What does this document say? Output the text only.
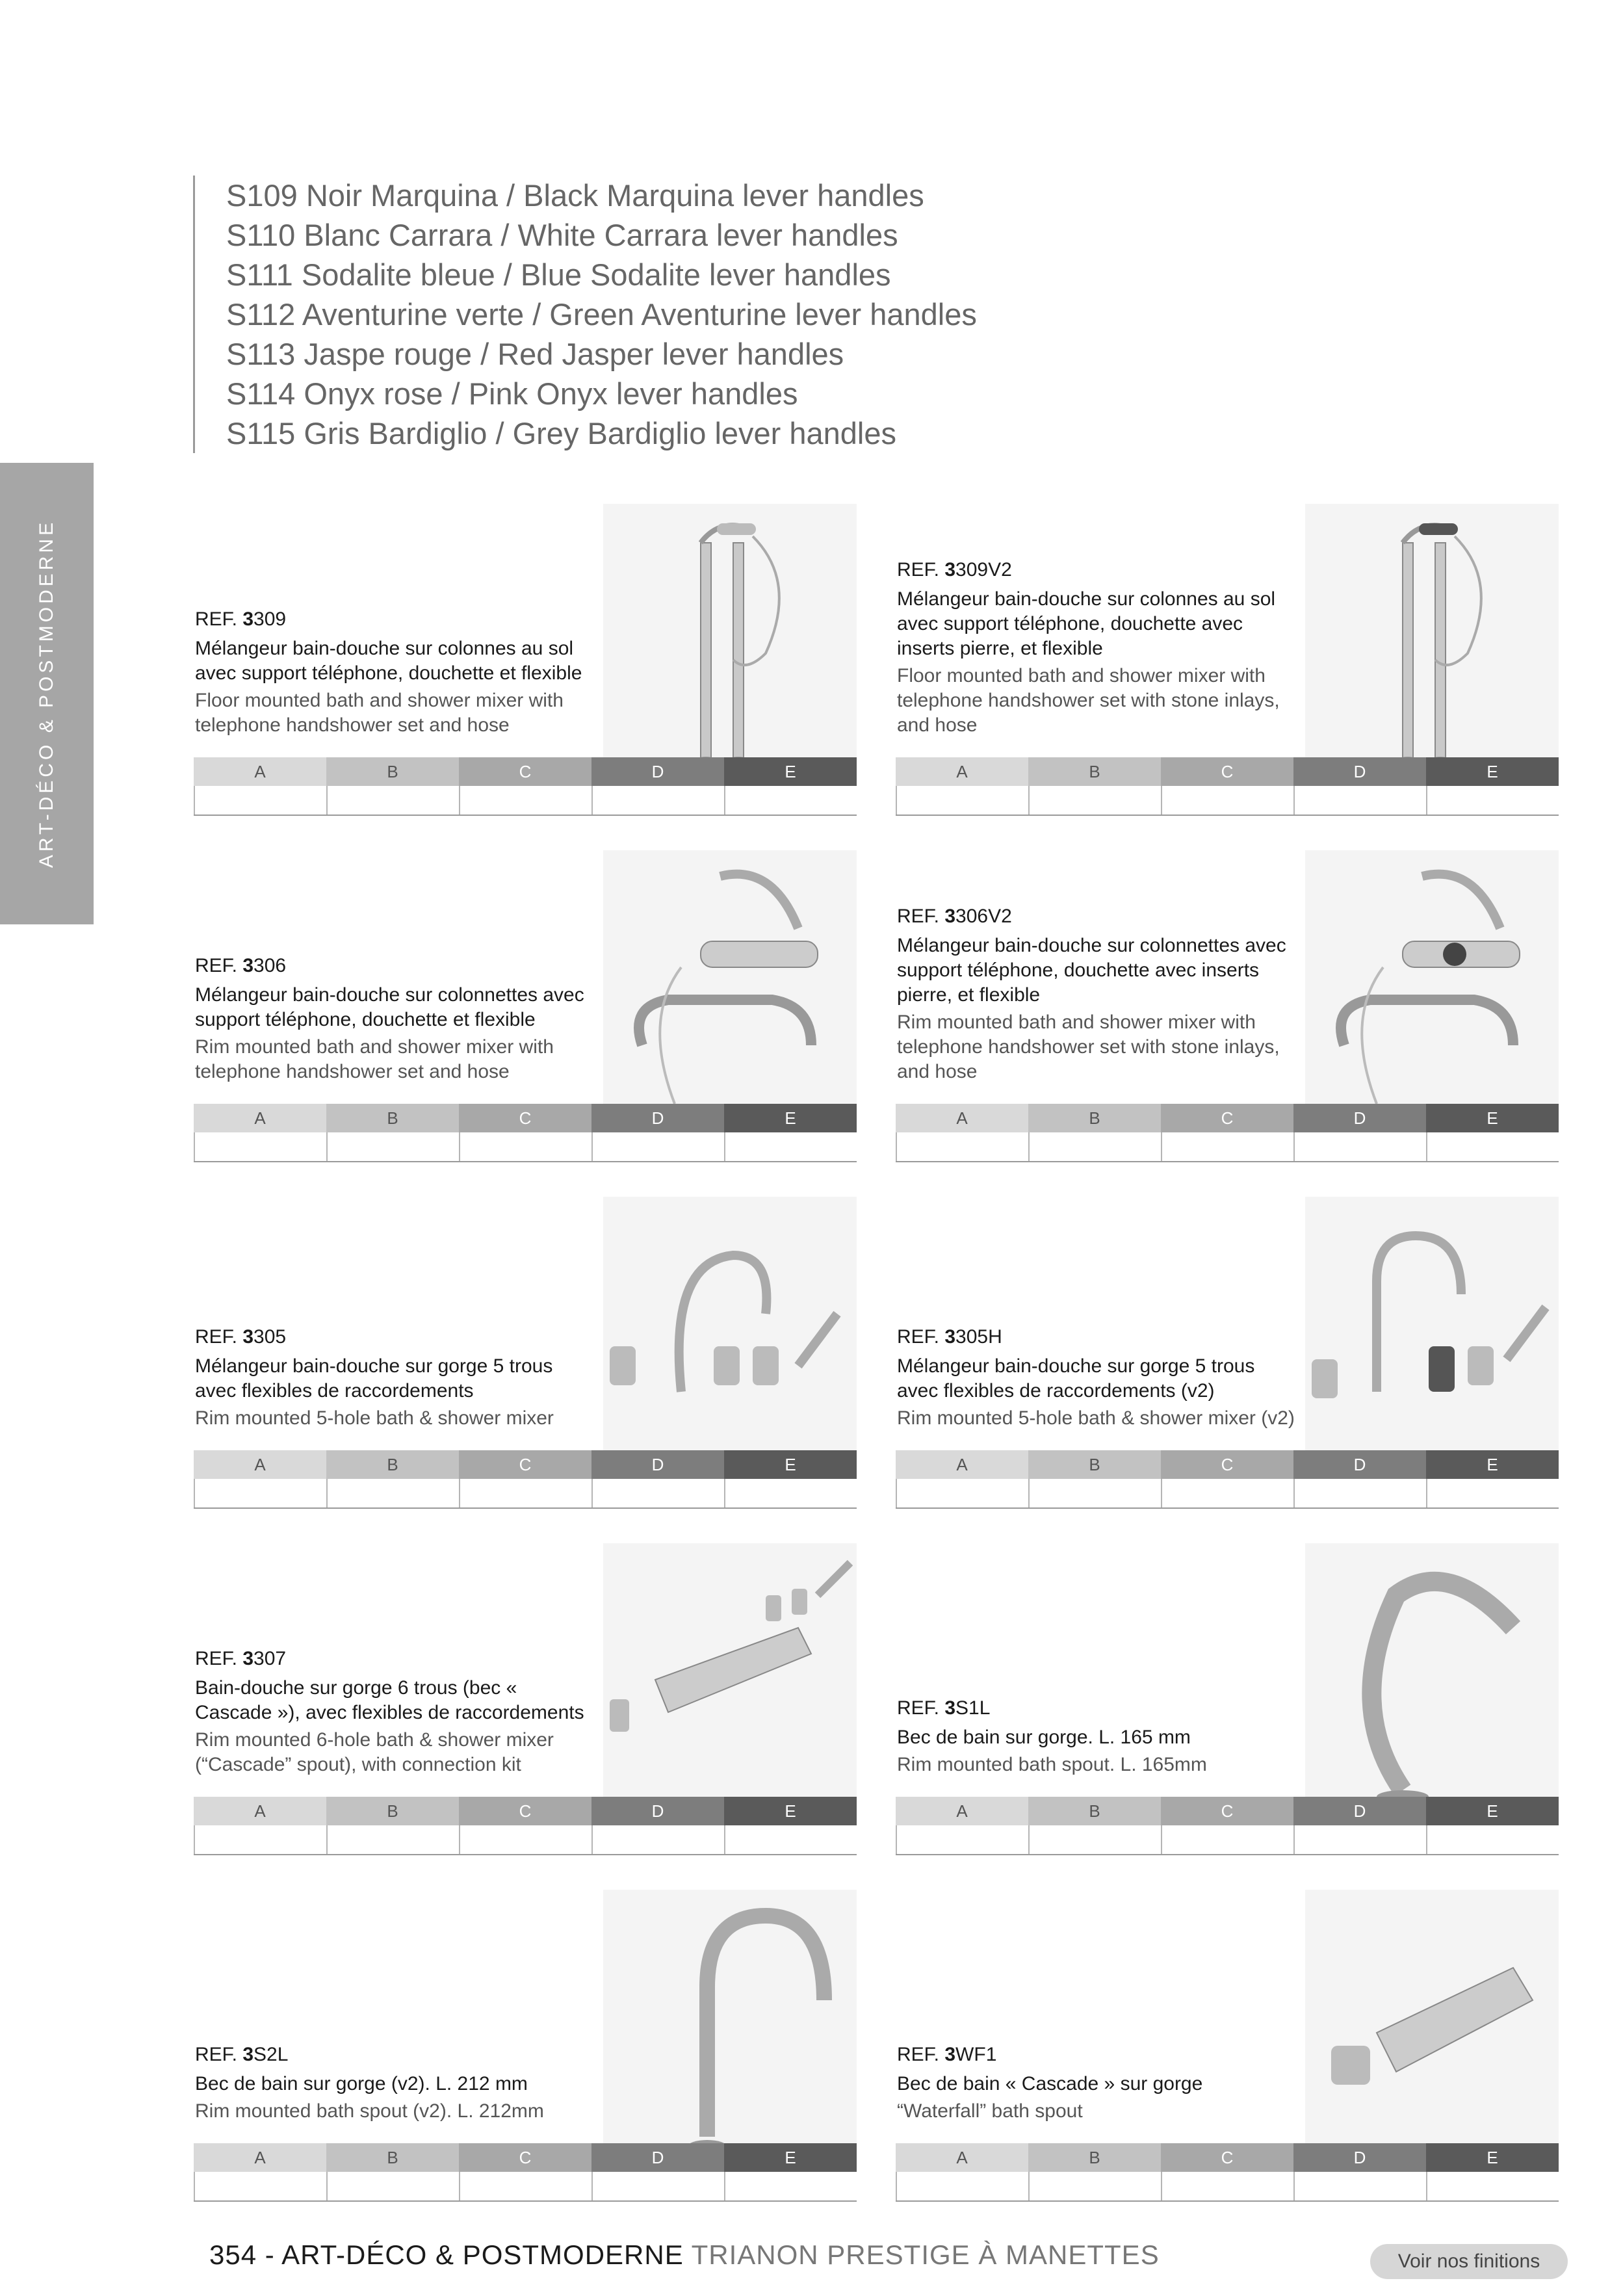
S109 Noir Marquina / Black Marquina lever handles
S110 Blanc Carrara / White Carrara lever handles
S111 Sodalite bleue / Blue Sodalite lever handles
S112 Aventurine verte / Green Aventurine lever handles
S113 Jaspe rouge / Red Jasper lever handles
S114 Onyx rose / Pink Onyx lever handles
S115 Gris Bardiglio / Grey Bardiglio lever handles
ART-DÉCO & POSTMODERNE	REF. 3309
Mélangeur bain-douche sur colonnes au sol avec support téléphone, douchette et flexible
Floor mounted bath and shower mixer with telephone handshower set and hose
A	B	C	D	E
REF. 3309V2
Mélangeur bain-douche sur colonnes au sol avec support téléphone, douchette avec inserts pierre, et flexible
Floor mounted bath and shower mixer with telephone handshower set with stone inlays, and hose
A	B	C	D	E
REF. 3306
Mélangeur bain-douche sur colonnettes avec support téléphone, douchette et flexible
Rim mounted bath and shower mixer with telephone handshower set and hose
A	B	C	D	E
REF. 3306V2
Mélangeur bain-douche sur colonnettes avec support téléphone, douchette avec inserts pierre, et flexible
Rim mounted bath and shower mixer with telephone handshower set with stone inlays, and hose
A	B	C	D	E
REF. 3305
Mélangeur bain-douche sur gorge 5 trous avec flexibles de raccordements
Rim mounted 5-hole bath & shower mixer
A	B	C	D	E
REF. 3305H
Mélangeur bain-douche sur gorge 5 trous avec flexibles de raccordements (v2)
Rim mounted 5-hole bath & shower mixer (v2)
A	B	C	D	E
REF. 3307
Bain-douche sur gorge 6 trous (bec « Cascade »), avec flexibles de raccordements
Rim mounted 6-hole bath & shower mixer (“Cascade” spout), with connection kit
A	B	C	D	E
REF. 3S1L
Bec de bain sur gorge. L. 165 mm
Rim mounted bath spout. L. 165mm
A	B	C	D	E
REF. 3S2L
Bec de bain sur gorge (v2). L. 212 mm
Rim mounted bath spout (v2). L. 212mm
A	B	C	D	E
REF. 3WF1
Bec de bain « Cascade » sur gorge
“Waterfall” bath spout
A	B	C	D	E
354 - ART-DÉCO & POSTMODERNE TRIANON PRESTIGE À MANETTES	Voir nos finitions
